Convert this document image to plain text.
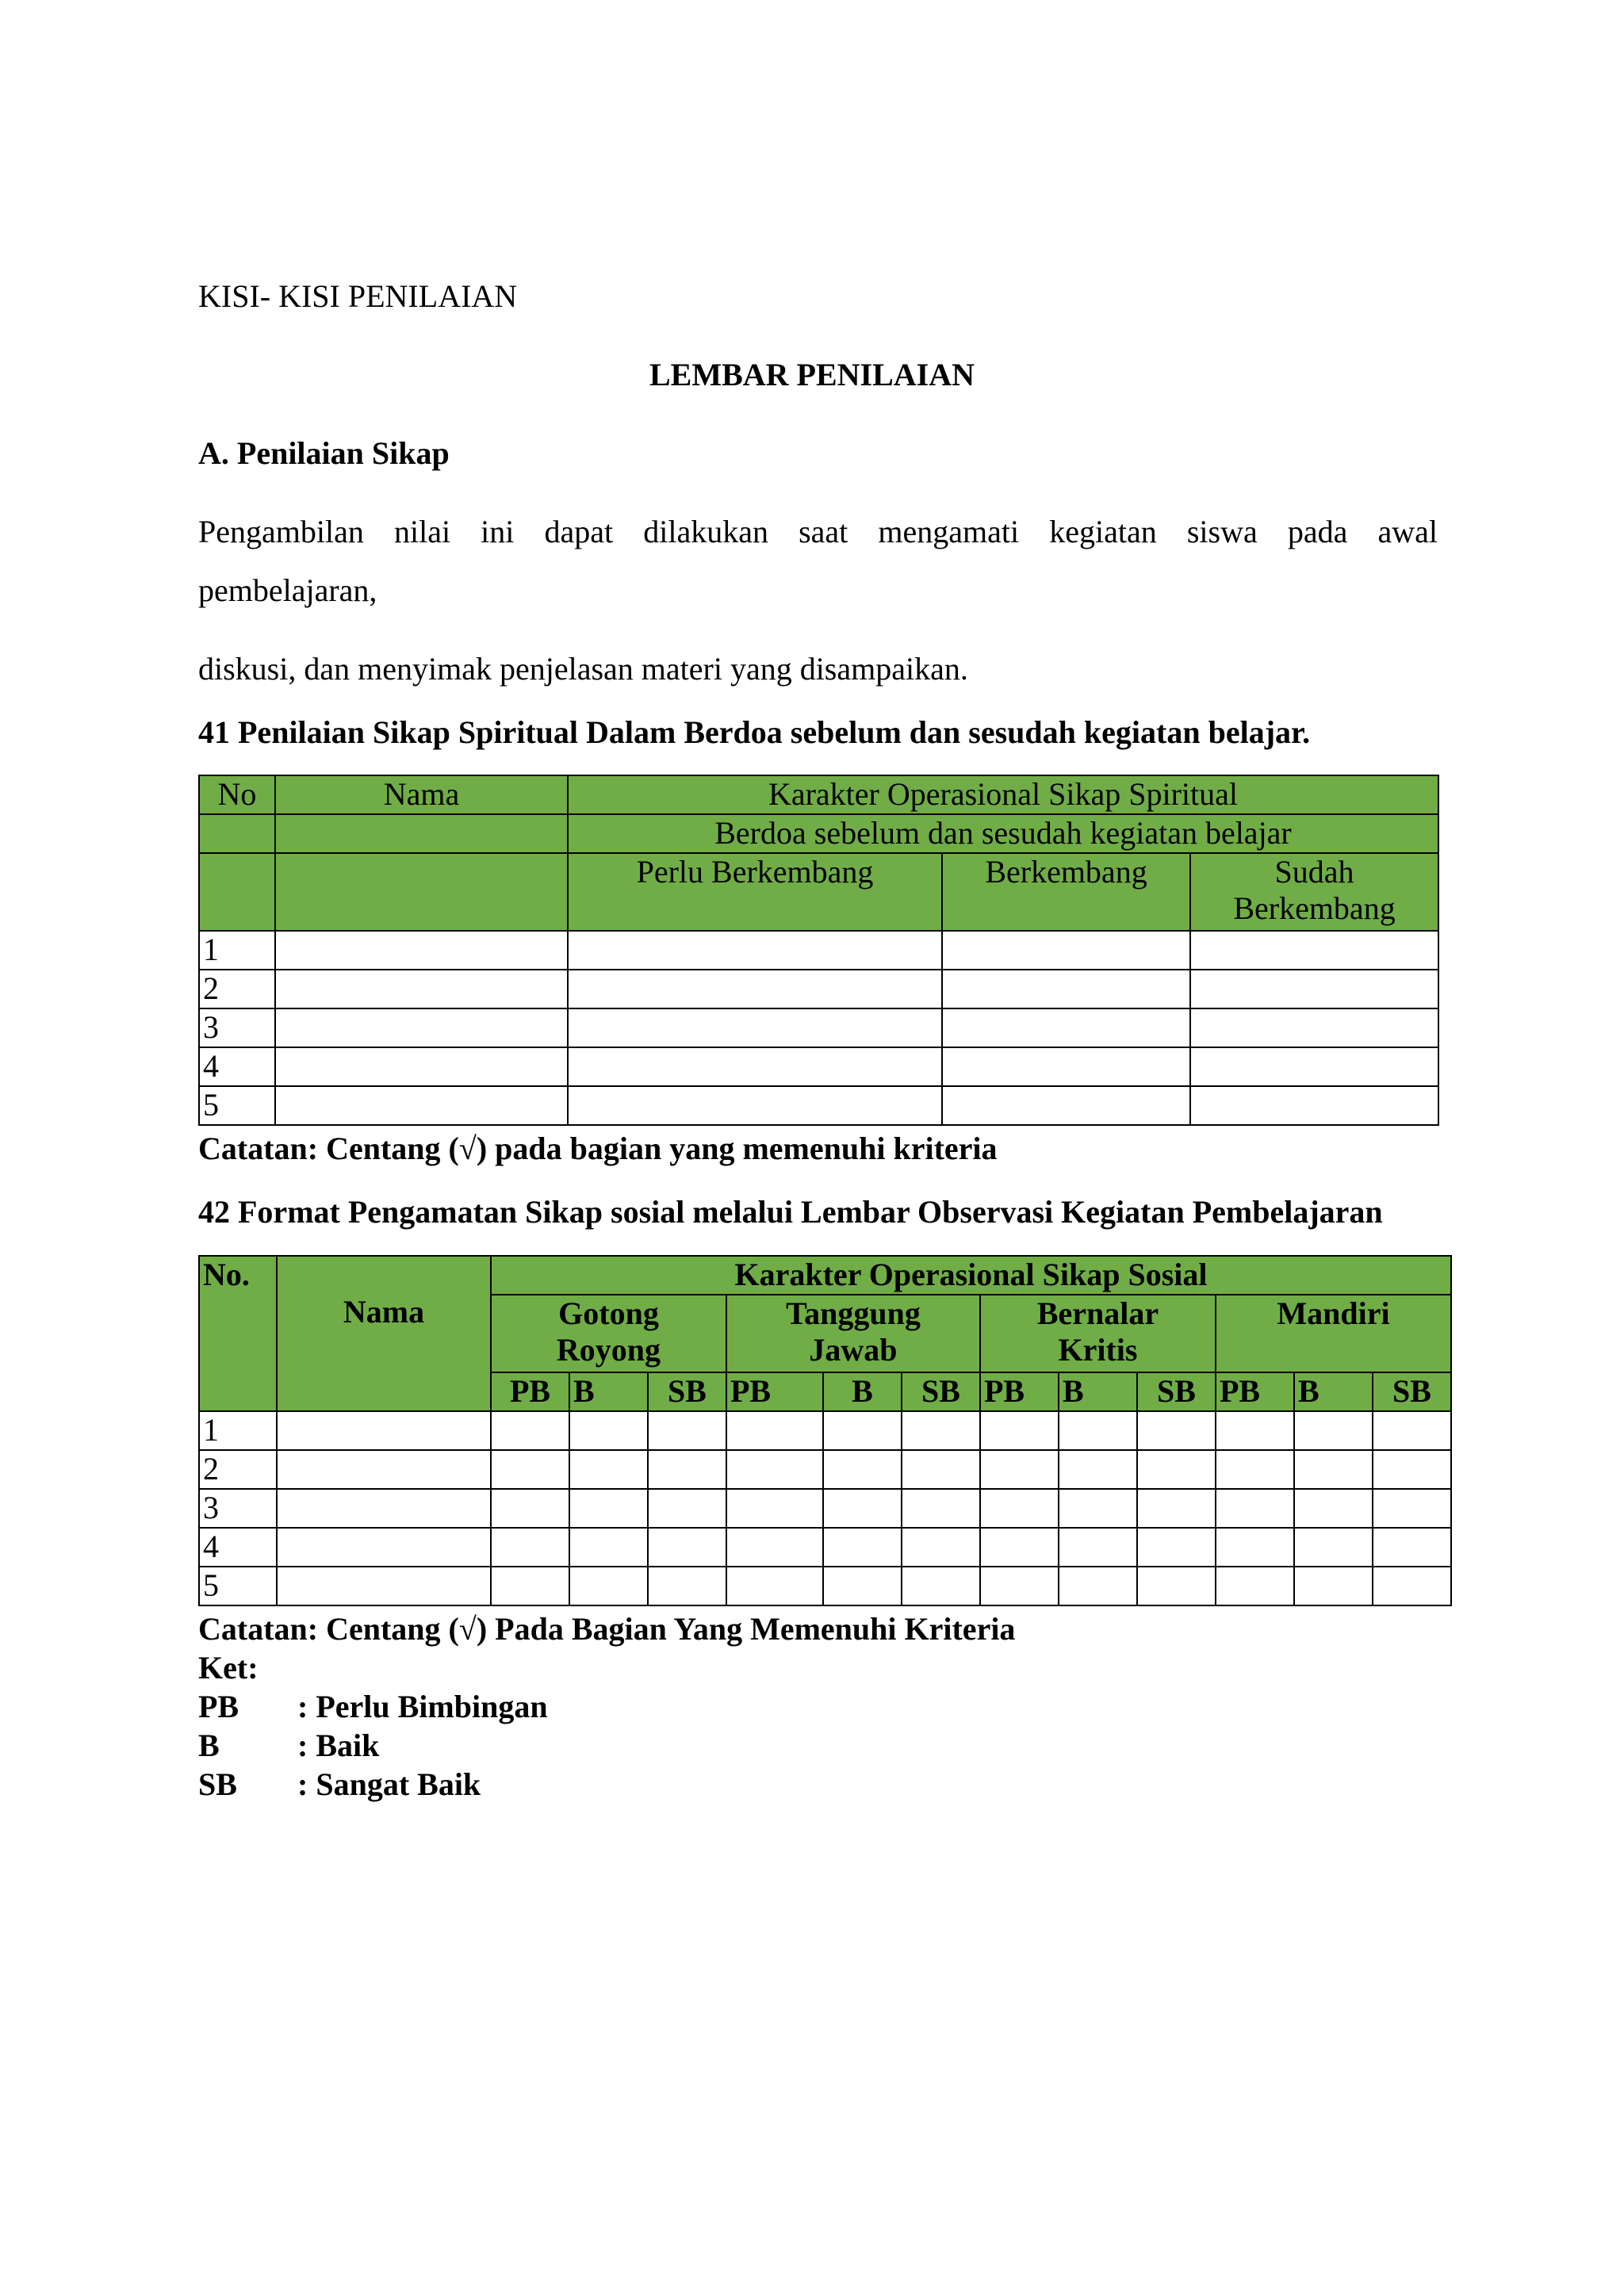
KISI- KISI PENILAIAN

LEMBAR PENILAIAN

A. Penilaian Sikap

Pengambilan nilai ini dapat dilakukan saat mengamati kegiatan siswa pada awal

pembelajaran,

diskusi, dan menyimak penjelasan materi yang disampaikan.

41 Penilaian Sikap Spiritual Dalam Berdoa sebelum dan sesudah kegiatan belajar.

No	Nama	Karakter Operasional Sikap Spiritual		
		Berdoa sebelum dan sesudah kegiatan belajar		
		Perlu Berkembang	Berkembang	Sudah Berkembang
1				
2				
3				
4				
5				

Catatan: Centang (√) pada bagian yang memenuhi kriteria

42 Format Pengamatan Sikap sosial melalui Lembar Observasi Kegiatan Pembelajaran

No.	Nama	Karakter Operasional Sikap Sosial											
		Gotong Royong			Tanggung Jawab			Bernalar Kritis			Mandiri		
		PB	B	SB	PB	B	SB	PB	B	SB	PB	B	SB
1													
2													
3													
4													
5													

Catatan: Centang (√) Pada Bagian Yang Memenuhi Kriteria

Ket:

PB : Perlu Bimbingan
B : Baik
SB : Sangat Baik
